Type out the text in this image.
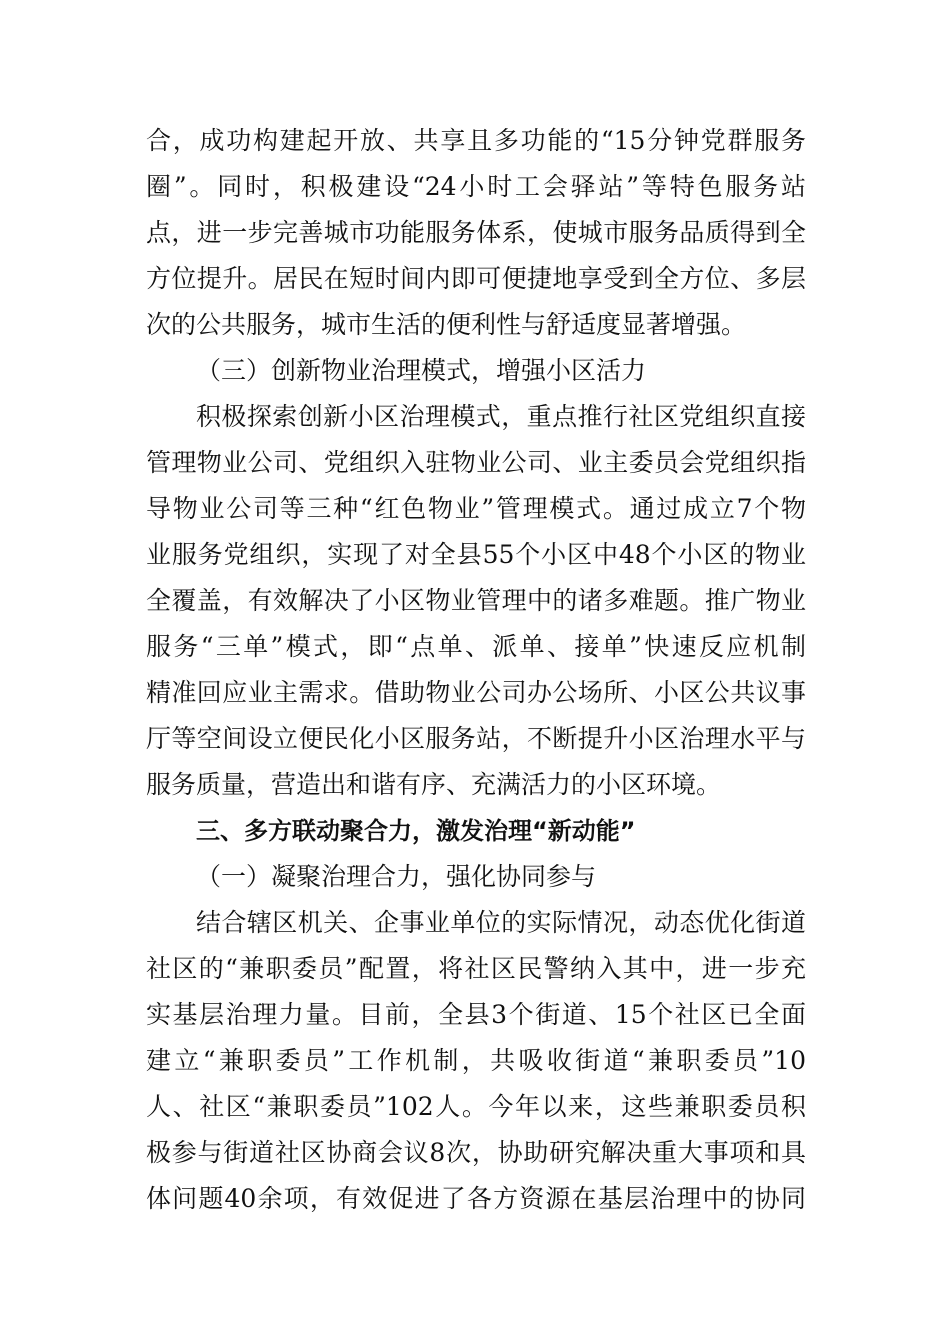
合，成功构建起开放、共享且多功能的“15分钟党群服务
圈”。同时，积极建设“24小时工会驿站”等特色服务站
点，进一步完善城市功能服务体系，使城市服务品质得到全
方位提升。居民在短时间内即可便捷地享受到全方位、多层
次的公共服务，城市生活的便利性与舒适度显著增强。
（三）创新物业治理模式，增强小区活力
积极探索创新小区治理模式，重点推行社区党组织直接
管理物业公司、党组织入驻物业公司、业主委员会党组织指
导物业公司等三种“红色物业”管理模式。通过成立7个物
业服务党组织，实现了对全县55个小区中48个小区的物业
全覆盖，有效解决了小区物业管理中的诸多难题。推广物业
服务“三单”模式，即“点单、派单、接单”快速反应机制
精准回应业主需求。借助物业公司办公场所、小区公共议事
厅等空间设立便民化小区服务站，不断提升小区治理水平与
服务质量，营造出和谐有序、充满活力的小区环境。
三、多方联动聚合力，激发治理“新动能”
（一）凝聚治理合力，强化协同参与
结合辖区机关、企事业单位的实际情况，动态优化街道
社区的“兼职委员”配置，将社区民警纳入其中，进一步充
实基层治理力量。目前，全县3个街道、15个社区已全面
建立“兼职委员”工作机制，共吸收街道“兼职委员”10
人、社区“兼职委员”102人。今年以来，这些兼职委员积
极参与街道社区协商会议8次，协助研究解决重大事项和具
体问题40余项，有效促进了各方资源在基层治理中的协同
